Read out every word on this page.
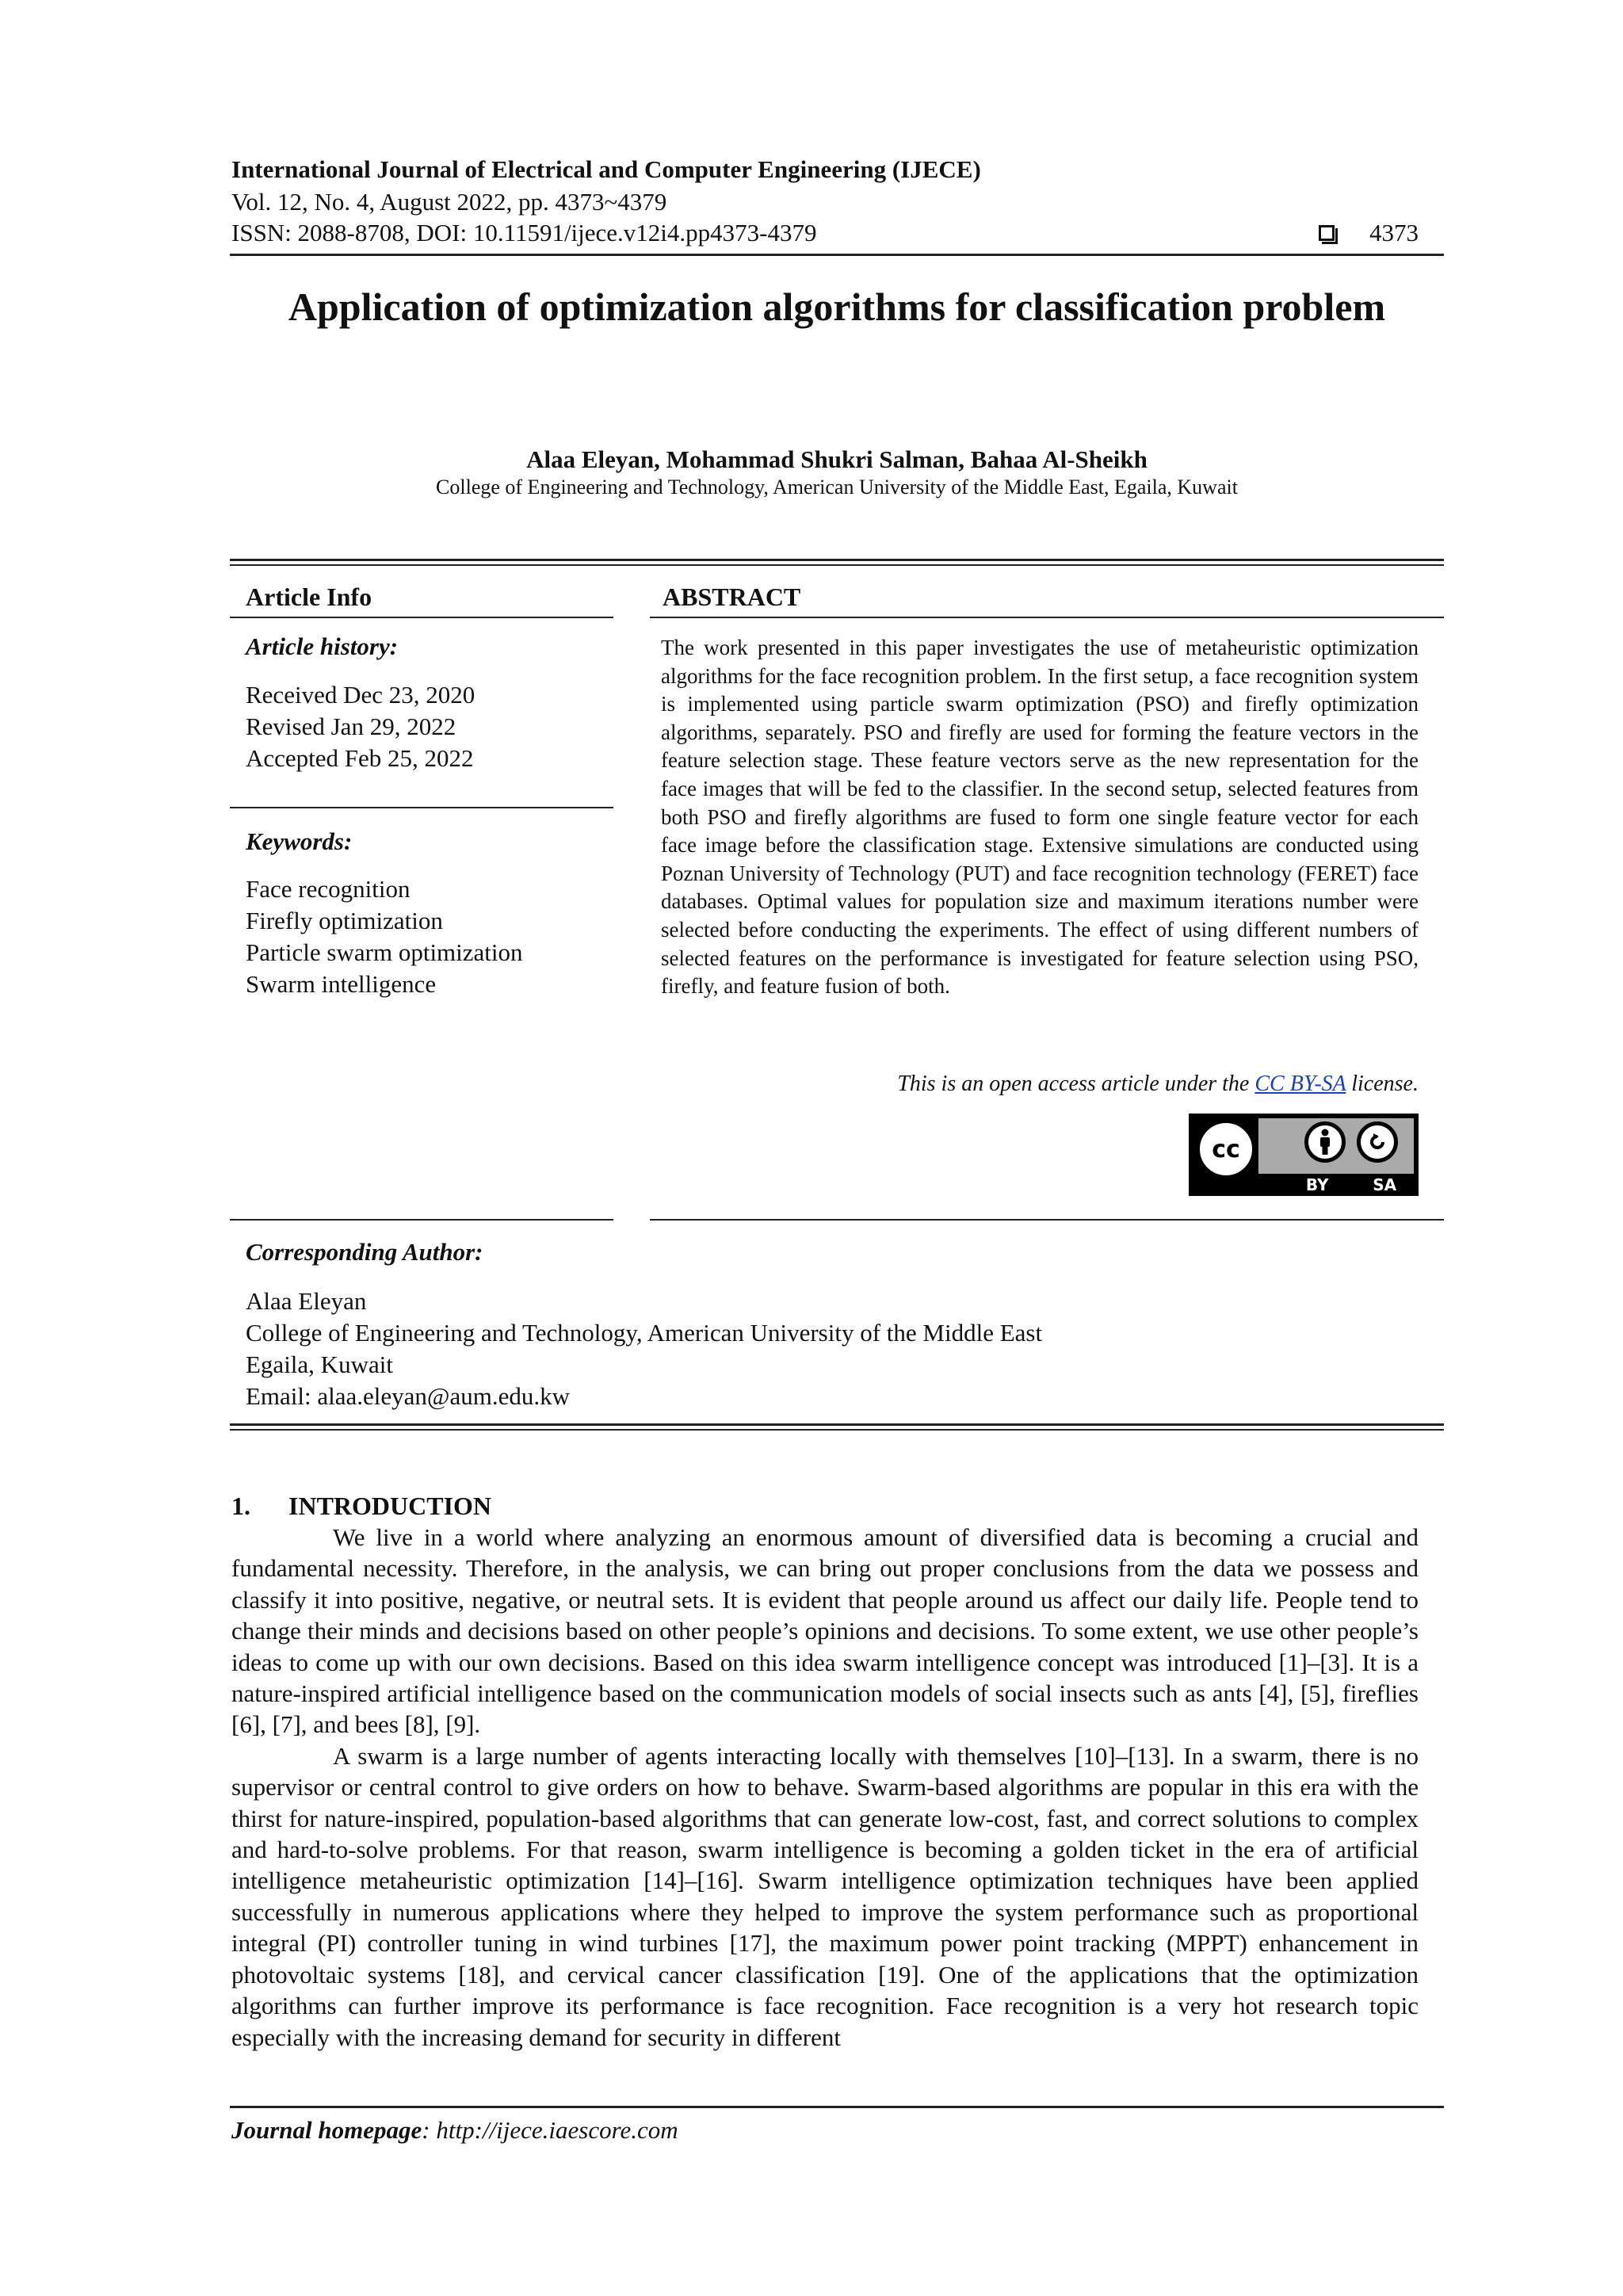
International Journal of Electrical and Computer Engineering (IJECE)
Vol. 12, No. 4, August 2022, pp. 4373~4379
ISSN: 2088-8708, DOI: 10.11591/ijece.v12i4.pp4373-4379	4373
Application of optimization algorithms for classification problem
Alaa Eleyan, Mohammad Shukri Salman, Bahaa Al-Sheikh
College of Engineering and Technology, American University of the Middle East, Egaila, Kuwait
Article Info
Article history:
Received Dec 23, 2020
Revised Jan 29, 2022
Accepted Feb 25, 2022
Keywords:
Face recognition
Firefly optimization
Particle swarm optimization
Swarm intelligence
ABSTRACT
The work presented in this paper investigates the use of metaheuristic optimization algorithms for the face recognition problem. In the first setup, a face recognition system is implemented using particle swarm optimization (PSO) and firefly optimization algorithms, separately. PSO and firefly are used for forming the feature vectors in the feature selection stage. These feature vectors serve as the new representation for the face images that will be fed to the classifier. In the second setup, selected features from both PSO and firefly algorithms are fused to form one single feature vector for each face image before the classification stage. Extensive simulations are conducted using Poznan University of Technology (PUT) and face recognition technology (FERET) face databases. Optimal values for population size and maximum iterations number were selected before conducting the experiments. The effect of using different numbers of selected features on the performance is investigated for feature selection using PSO, firefly, and feature fusion of both.
This is an open access article under the CC BY-SA license.
cc
BY	SA
Corresponding Author:
Alaa Eleyan
College of Engineering and Technology, American University of the Middle East
Egaila, Kuwait
Email: alaa.eleyan@aum.edu.kw
1. INTRODUCTION

We live in a world where analyzing an enormous amount of diversified data is becoming a crucial and fundamental necessity. Therefore, in the analysis, we can bring out proper conclusions from the data we possess and classify it into positive, negative, or neutral sets. It is evident that people around us affect our daily life. People tend to change their minds and decisions based on other people’s opinions and decisions. To some extent, we use other people’s ideas to come up with our own decisions. Based on this idea swarm intelligence concept was introduced [1]–[3]. It is a nature-inspired artificial intelligence based on the communication models of social insects such as ants [4], [5], fireflies [6], [7], and bees [8], [9].

A swarm is a large number of agents interacting locally with themselves [10]–[13]. In a swarm, there is no supervisor or central control to give orders on how to behave. Swarm-based algorithms are popular in this era with the thirst for nature-inspired, population-based algorithms that can generate low-cost, fast, and correct solutions to complex and hard-to-solve problems. For that reason, swarm intelligence is becoming a golden ticket in the era of artificial intelligence metaheuristic optimization [14]–[16]. Swarm intelligence optimization techniques have been applied successfully in numerous applications where they helped to improve the system performance such as proportional integral (PI) controller tuning in wind turbines [17], the maximum power point tracking (MPPT) enhancement in photovoltaic systems [18], and cervical cancer classification [19]. One of the applications that the optimization algorithms can further improve its performance is face recognition. Face recognition is a very hot research topic especially with the increasing demand for security in different

Journal homepage: http://ijece.iaescore.com
